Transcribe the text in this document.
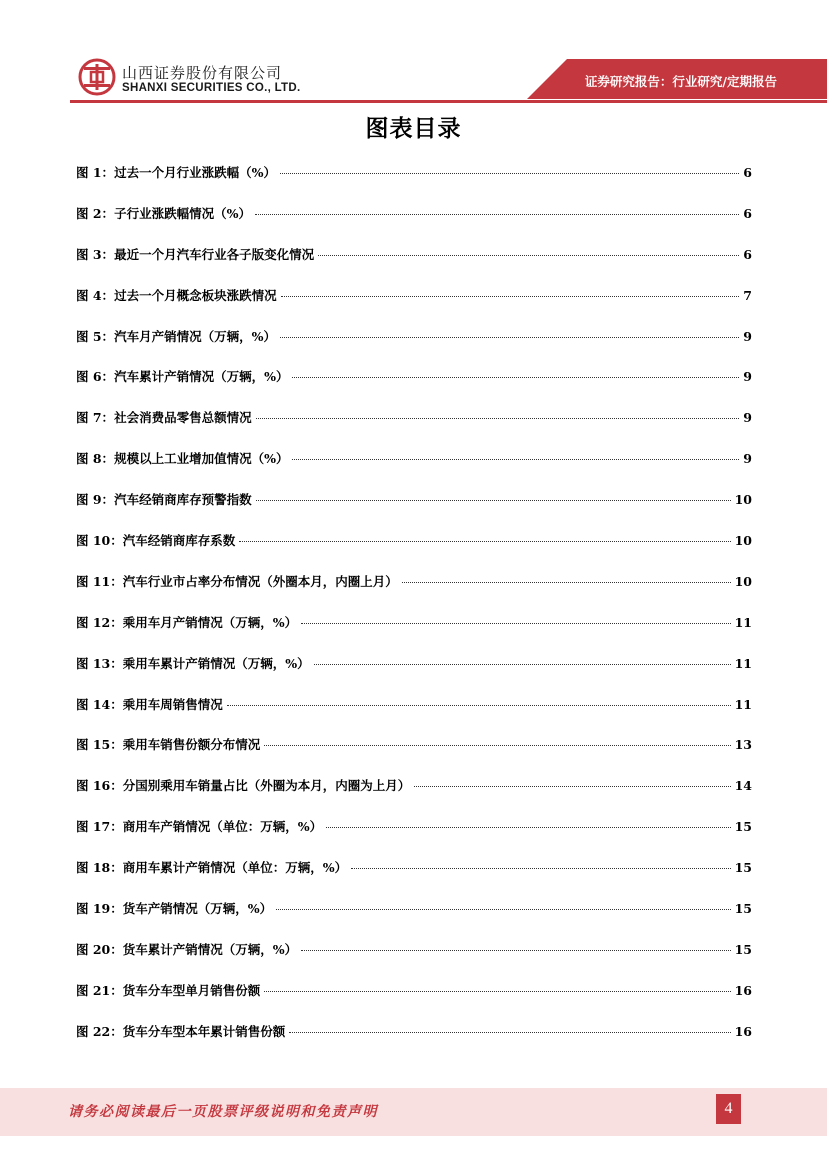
山西证券股份有限公司
SHANXI SECURITIES CO., LTD.	证券研究报告：行业研究/定期报告
图表目录
图 1： 过去一个月行业涨跌幅（%）	6
图 2： 子行业涨跌幅情况（%）	6
图 3： 最近一个月汽车行业各子版变化情况	6
图 4： 过去一个月概念板块涨跌情况	7
图 5： 汽车月产销情况（万辆，%）	9
图 6： 汽车累计产销情况（万辆，%）	9
图 7： 社会消费品零售总额情况	9
图 8： 规模以上工业增加值情况（%）	9
图 9： 汽车经销商库存预警指数	10
图 10： 汽车经销商库存系数	10
图 11： 汽车行业市占率分布情况（外圈本月，内圈上月）	10
图 12： 乘用车月产销情况（万辆，%）	11
图 13： 乘用车累计产销情况（万辆，%）	11
图 14： 乘用车周销售情况	11
图 15： 乘用车销售份额分布情况	13
图 16： 分国别乘用车销量占比（外圈为本月，内圈为上月）	14
图 17： 商用车产销情况（单位：万辆，%）	15
图 18： 商用车累计产销情况（单位：万辆，%）	15
图 19： 货车产销情况（万辆，%）	15
图 20： 货车累计产销情况（万辆，%）	15
图 21： 货车分车型单月销售份额	16
图 22： 货车分车型本年累计销售份额	16
请务必阅读最后一页股票评级说明和免责声明	4
